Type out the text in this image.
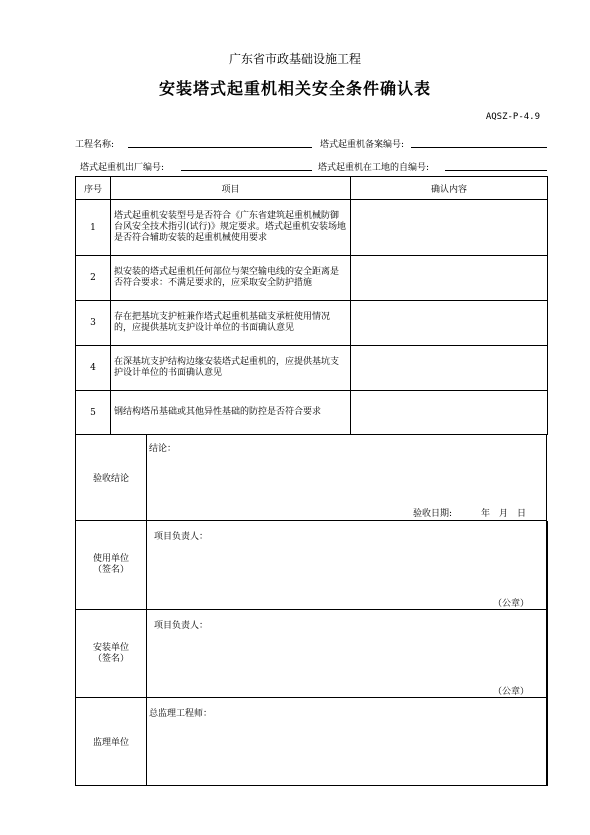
广东省市政基础设施工程
安装塔式起重机相关安全条件确认表
AQSZ-P-4.9
工程名称:	塔式起重机备案编号:
塔式起重机出厂编号:	塔式起重机在工地的自编号:
序号	项目	确认内容
1	塔式起重机安装型号是否符合《广东省建筑起重机械防御台风安全技术指引(试行)》规定要求。塔式起重机安装场地是否符合辅助安装的起重机械使用要求	

2	拟安装的塔式起重机任何部位与架空输电线的安全距离是否符合要求：不满足要求的，应采取安全防护措施	

3	存在把基坑支护桩兼作塔式起重机基础支承桩使用情况的，应提供基坑支护设计单位的书面确认意见	

4	在深基坑支护结构边缘安装塔式起重机的，应提供基坑支护设计单位的书面确认意见	

5	钢结构塔吊基础或其他异性基础的防控是否符合要求	

验收结论
结论：
验收日期:	年　月　日
使用单位
（签名）
项目负责人：
（公章）
安装单位
（签名）
项目负责人：
（公章）
监理单位
总监理工程师：
